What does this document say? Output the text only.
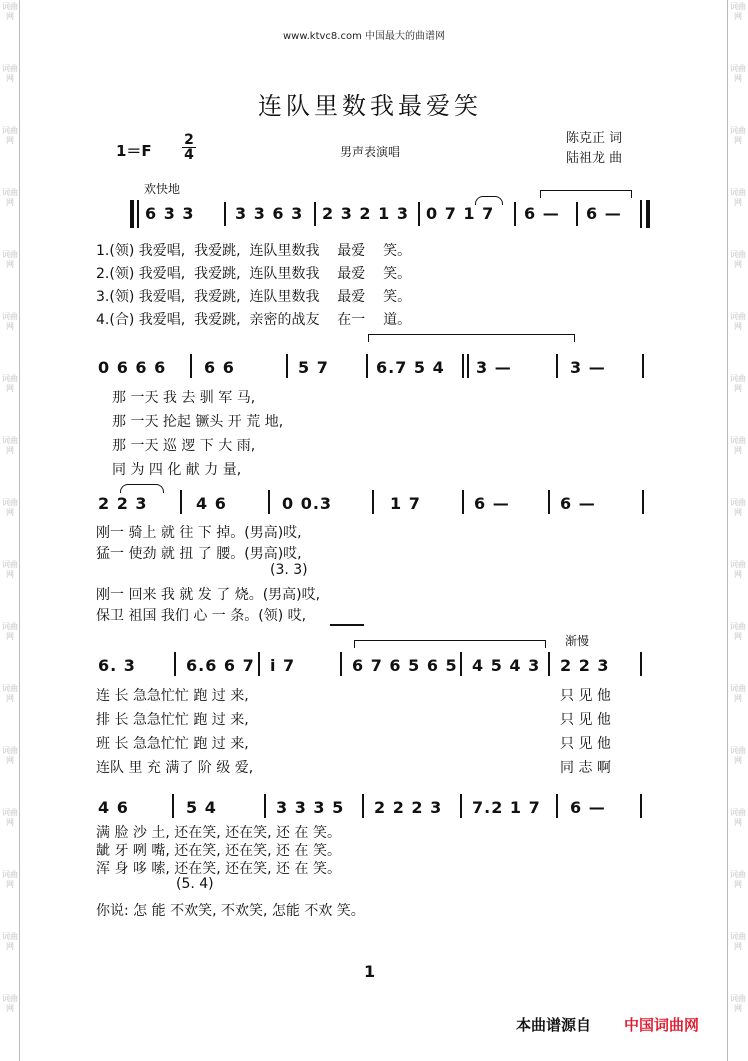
词曲网
词曲网
词曲网
词曲网
词曲网
词曲网
词曲网
词曲网
词曲网
词曲网
词曲网
词曲网
词曲网
词曲网
词曲网
词曲网
词曲网
词曲网
词曲网
词曲网
词曲网
词曲网
词曲网
词曲网
词曲网
词曲网
词曲网
词曲网
词曲网
词曲网
词曲网
词曲网
词曲网
词曲网
www.ktvc8.com 中国最大的曲谱网
连队里数我最爱笑
1＝F
2
4	男声表演唱
陈克正 词
陆祖龙 曲
欢快地
6 3 3	3 3 6 3 2 3 2 1 3 0 7 1 7 6 — 6 —
1.(领) 我爱唱, 我爱跳, 连队里数我 最爱 笑。
2.(领) 我爱唱, 我爱跳, 连队里数我 最爱 笑。
3.(领) 我爱唱, 我爱跳, 连队里数我 最爱 笑。
4.(合) 我爱唱, 我爱跳, 亲密的战友 在一 道。
0 6 6 6 6 6	5 7	6.7 5 4 3 —	3 —
那 一天 我 去 驯 军 马,
那 一天 抡起 镢头 开 荒 地,
那 一天 巡 逻 下 大 雨,
同 为 四 化 献 力 量,
2 2 3	4 6	0 0.3	1 7	6 —	6 —
刚一 骑上 就 往 下 掉。(男高)哎,
猛一 使劲 就 扭 了 腰。(男高)哎,
(3. 3)
刚一 回来 我 就 发 了 烧。(男高)哎,
保卫 祖国 我们 心 一 条。(领) 哎,
渐慢
6. 3	6.6 6 7 i 7	6 7 6 5 6 5 4 5 4 3 2 2 3
连 长 急急忙忙 跑 过 来,	只 见 他
排 长 急急忙忙 跑 过 来,	只 见 他
班 长 急急忙忙 跑 过 来,	只 见 他
连队 里 充 满了 阶 级 爱,	同 志 啊
4 6	5 4	3 3 3 5 2 2 2 3 7.2 1 7 6 —
满 脸 沙 土, 还在笑, 还在笑, 还 在 笑。
龇 牙 咧 嘴, 还在笑, 还在笑, 还 在 笑。
浑 身 哆 嗦, 还在笑, 还在笑, 还 在 笑。
(5. 4)
你说: 怎 能 不欢笑, 不欢笑, 怎能 不欢 笑。
1
本曲谱源自 中国词曲网
